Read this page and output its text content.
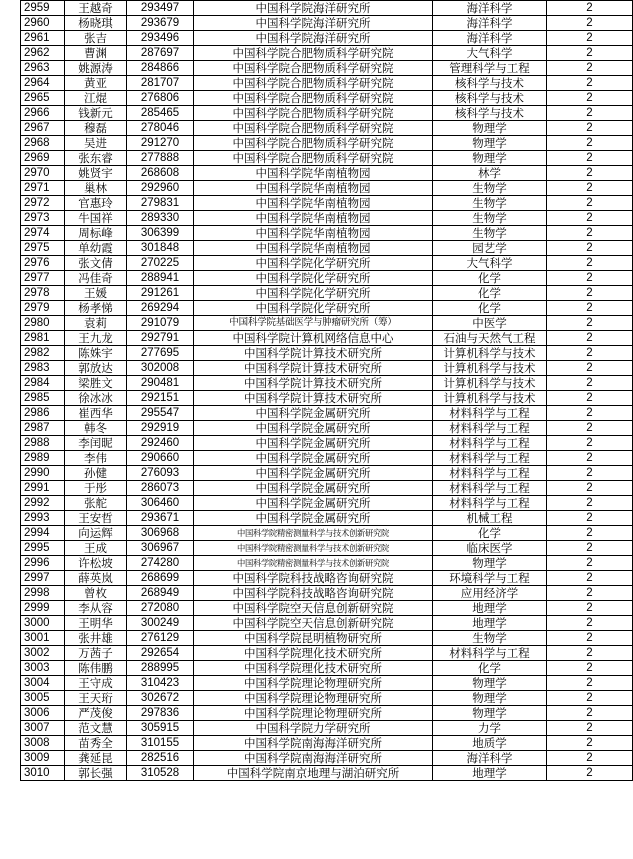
2959	王越奇	293497	中国科学院海洋研究所	海洋科学	2
2960	杨晓琪	293679	中国科学院海洋研究所	海洋科学	2
2961	张吉	293496	中国科学院海洋研究所	海洋科学	2
2962	曹渊	287697	中国科学院合肥物质科学研究院	大气科学	2
2963	姚源涛	284866	中国科学院合肥物质科学研究院	管理科学与工程	2
2964	黄亚	281707	中国科学院合肥物质科学研究院	核科学与技术	2
2965	江焜	276806	中国科学院合肥物质科学研究院	核科学与技术	2
2966	钱新元	285465	中国科学院合肥物质科学研究院	核科学与技术	2
2967	穆磊	278046	中国科学院合肥物质科学研究院	物理学	2
2968	吴进	291270	中国科学院合肥物质科学研究院	物理学	2
2969	张东睿	277888	中国科学院合肥物质科学研究院	物理学	2
2970	姚贤宇	268608	中国科学院华南植物园	林学	2
2971	巢林	292960	中国科学院华南植物园	生物学	2
2972	官惠玲	279831	中国科学院华南植物园	生物学	2
2973	牛国祥	289330	中国科学院华南植物园	生物学	2
2974	周标峰	306399	中国科学院华南植物园	生物学	2
2975	单幼霞	301848	中国科学院华南植物园	园艺学	2
2976	张文倩	270225	中国科学院化学研究所	大气科学	2
2977	冯佳奇	288941	中国科学院化学研究所	化学	2
2978	王媛	291261	中国科学院化学研究所	化学	2
2979	杨孝悌	269294	中国科学院化学研究所	化学	2
2980	袁莉	291079	中国科学院基础医学与肿瘤研究所（筹）	中医学	2
2981	王九龙	292791	中国科学院计算机网络信息中心	石油与天然气工程	2
2982	陈姝宇	277695	中国科学院计算技术研究所	计算机科学与技术	2
2983	郭放达	302008	中国科学院计算技术研究所	计算机科学与技术	2
2984	梁胜文	290481	中国科学院计算技术研究所	计算机科学与技术	2
2985	徐冰冰	292151	中国科学院计算技术研究所	计算机科学与技术	2
2986	崔西华	295547	中国科学院金属研究所	材料科学与工程	2
2987	韩冬	292919	中国科学院金属研究所	材料科学与工程	2
2988	李闰昵	292460	中国科学院金属研究所	材料科学与工程	2
2989	李伟	290660	中国科学院金属研究所	材料科学与工程	2
2990	孙健	276093	中国科学院金属研究所	材料科学与工程	2
2991	于彤	286073	中国科学院金属研究所	材料科学与工程	2
2992	张舵	306460	中国科学院金属研究所	材料科学与工程	2
2993	王安哲	293671	中国科学院金属研究所	机械工程	2
2994	向运辉	306968	中国科学院精密测量科学与技术创新研究院	化学	2
2995	王成	306967	中国科学院精密测量科学与技术创新研究院	临床医学	2
2996	许松坡	274280	中国科学院精密测量科学与技术创新研究院	物理学	2
2997	薛英岚	268699	中国科学院科技战略咨询研究院	环境科学与工程	2
2998	曾枚	268949	中国科学院科技战略咨询研究院	应用经济学	2
2999	李从容	272080	中国科学院空天信息创新研究院	地理学	2
3000	王明华	300249	中国科学院空天信息创新研究院	地理学	2
3001	张井雄	276129	中国科学院昆明植物研究所	生物学	2
3002	万茜子	292654	中国科学院理化技术研究所	材料科学与工程	2
3003	陈伟鹏	288995	中国科学院理化技术研究所	化学	2
3004	王守成	310423	中国科学院理论物理研究所	物理学	2
3005	王天珩	302672	中国科学院理论物理研究所	物理学	2
3006	严茂俊	297836	中国科学院理论物理研究所	物理学	2
3007	范文慧	305915	中国科学院力学研究所	力学	2
3008	苗秀全	310155	中国科学院南海海洋研究所	地质学	2
3009	龚延昆	282516	中国科学院南海海洋研究所	海洋科学	2
3010	郭长强	310528	中国科学院南京地理与湖泊研究所	地理学	2
